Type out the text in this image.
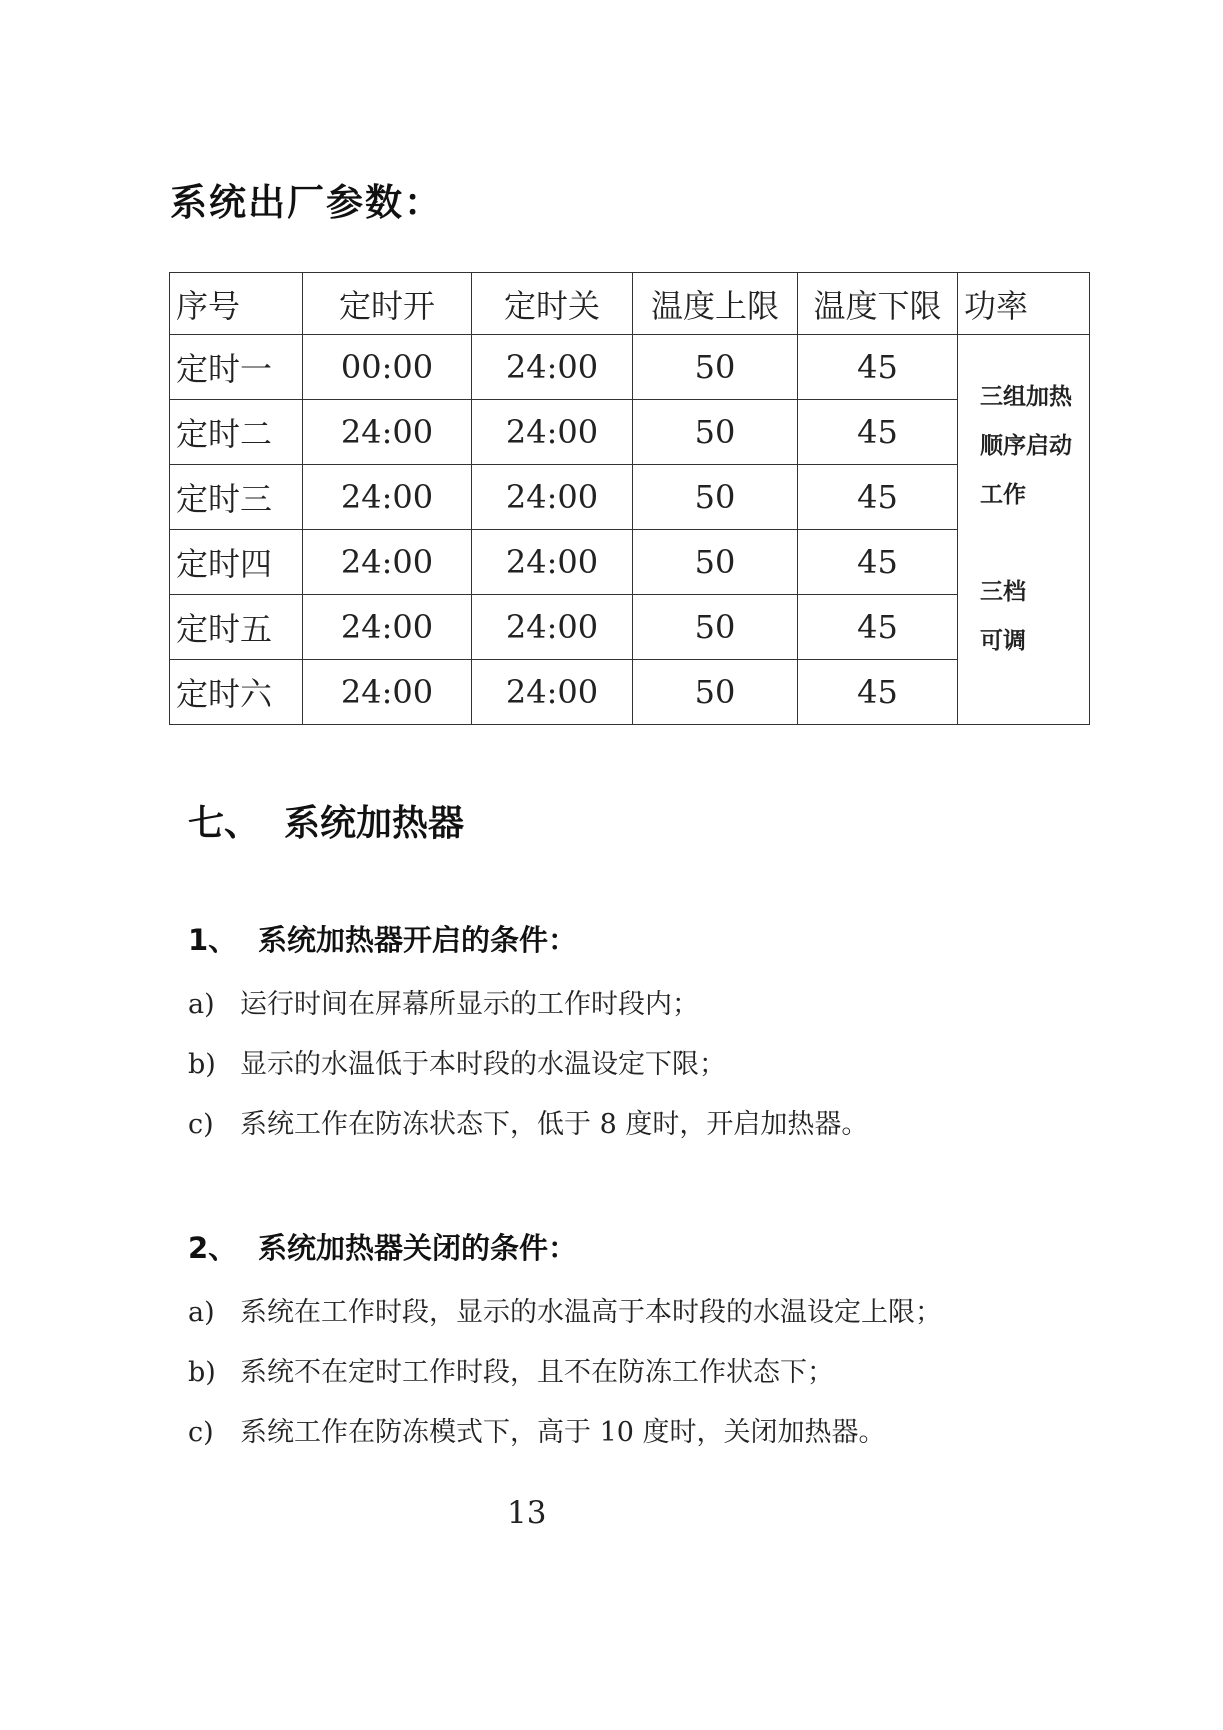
系统出厂参数：
序号	定时开	定时关	温度上限	温度下限	功率
定时一	00:00	24:00	50	45	三组加热
顺序启动
工作
三档
可调

定时二	24:00	24:00	50	45	
定时三	24:00	24:00	50	45	
定时四	24:00	24:00	50	45	
定时五	24:00	24:00	50	45	
定时六	24:00	24:00	50	45	
七、 系统加热器
1、 系统加热器开启的条件：
a) 运行时间在屏幕所显示的工作时段内；
b) 显示的水温低于本时段的水温设定下限；
c) 系统工作在防冻状态下，低于 8 度时，开启加热器。
2、 系统加热器关闭的条件：
a) 系统在工作时段，显示的水温高于本时段的水温设定上限；
b) 系统不在定时工作时段，且不在防冻工作状态下；
c) 系统工作在防冻模式下，高于 10 度时，关闭加热器。
13
